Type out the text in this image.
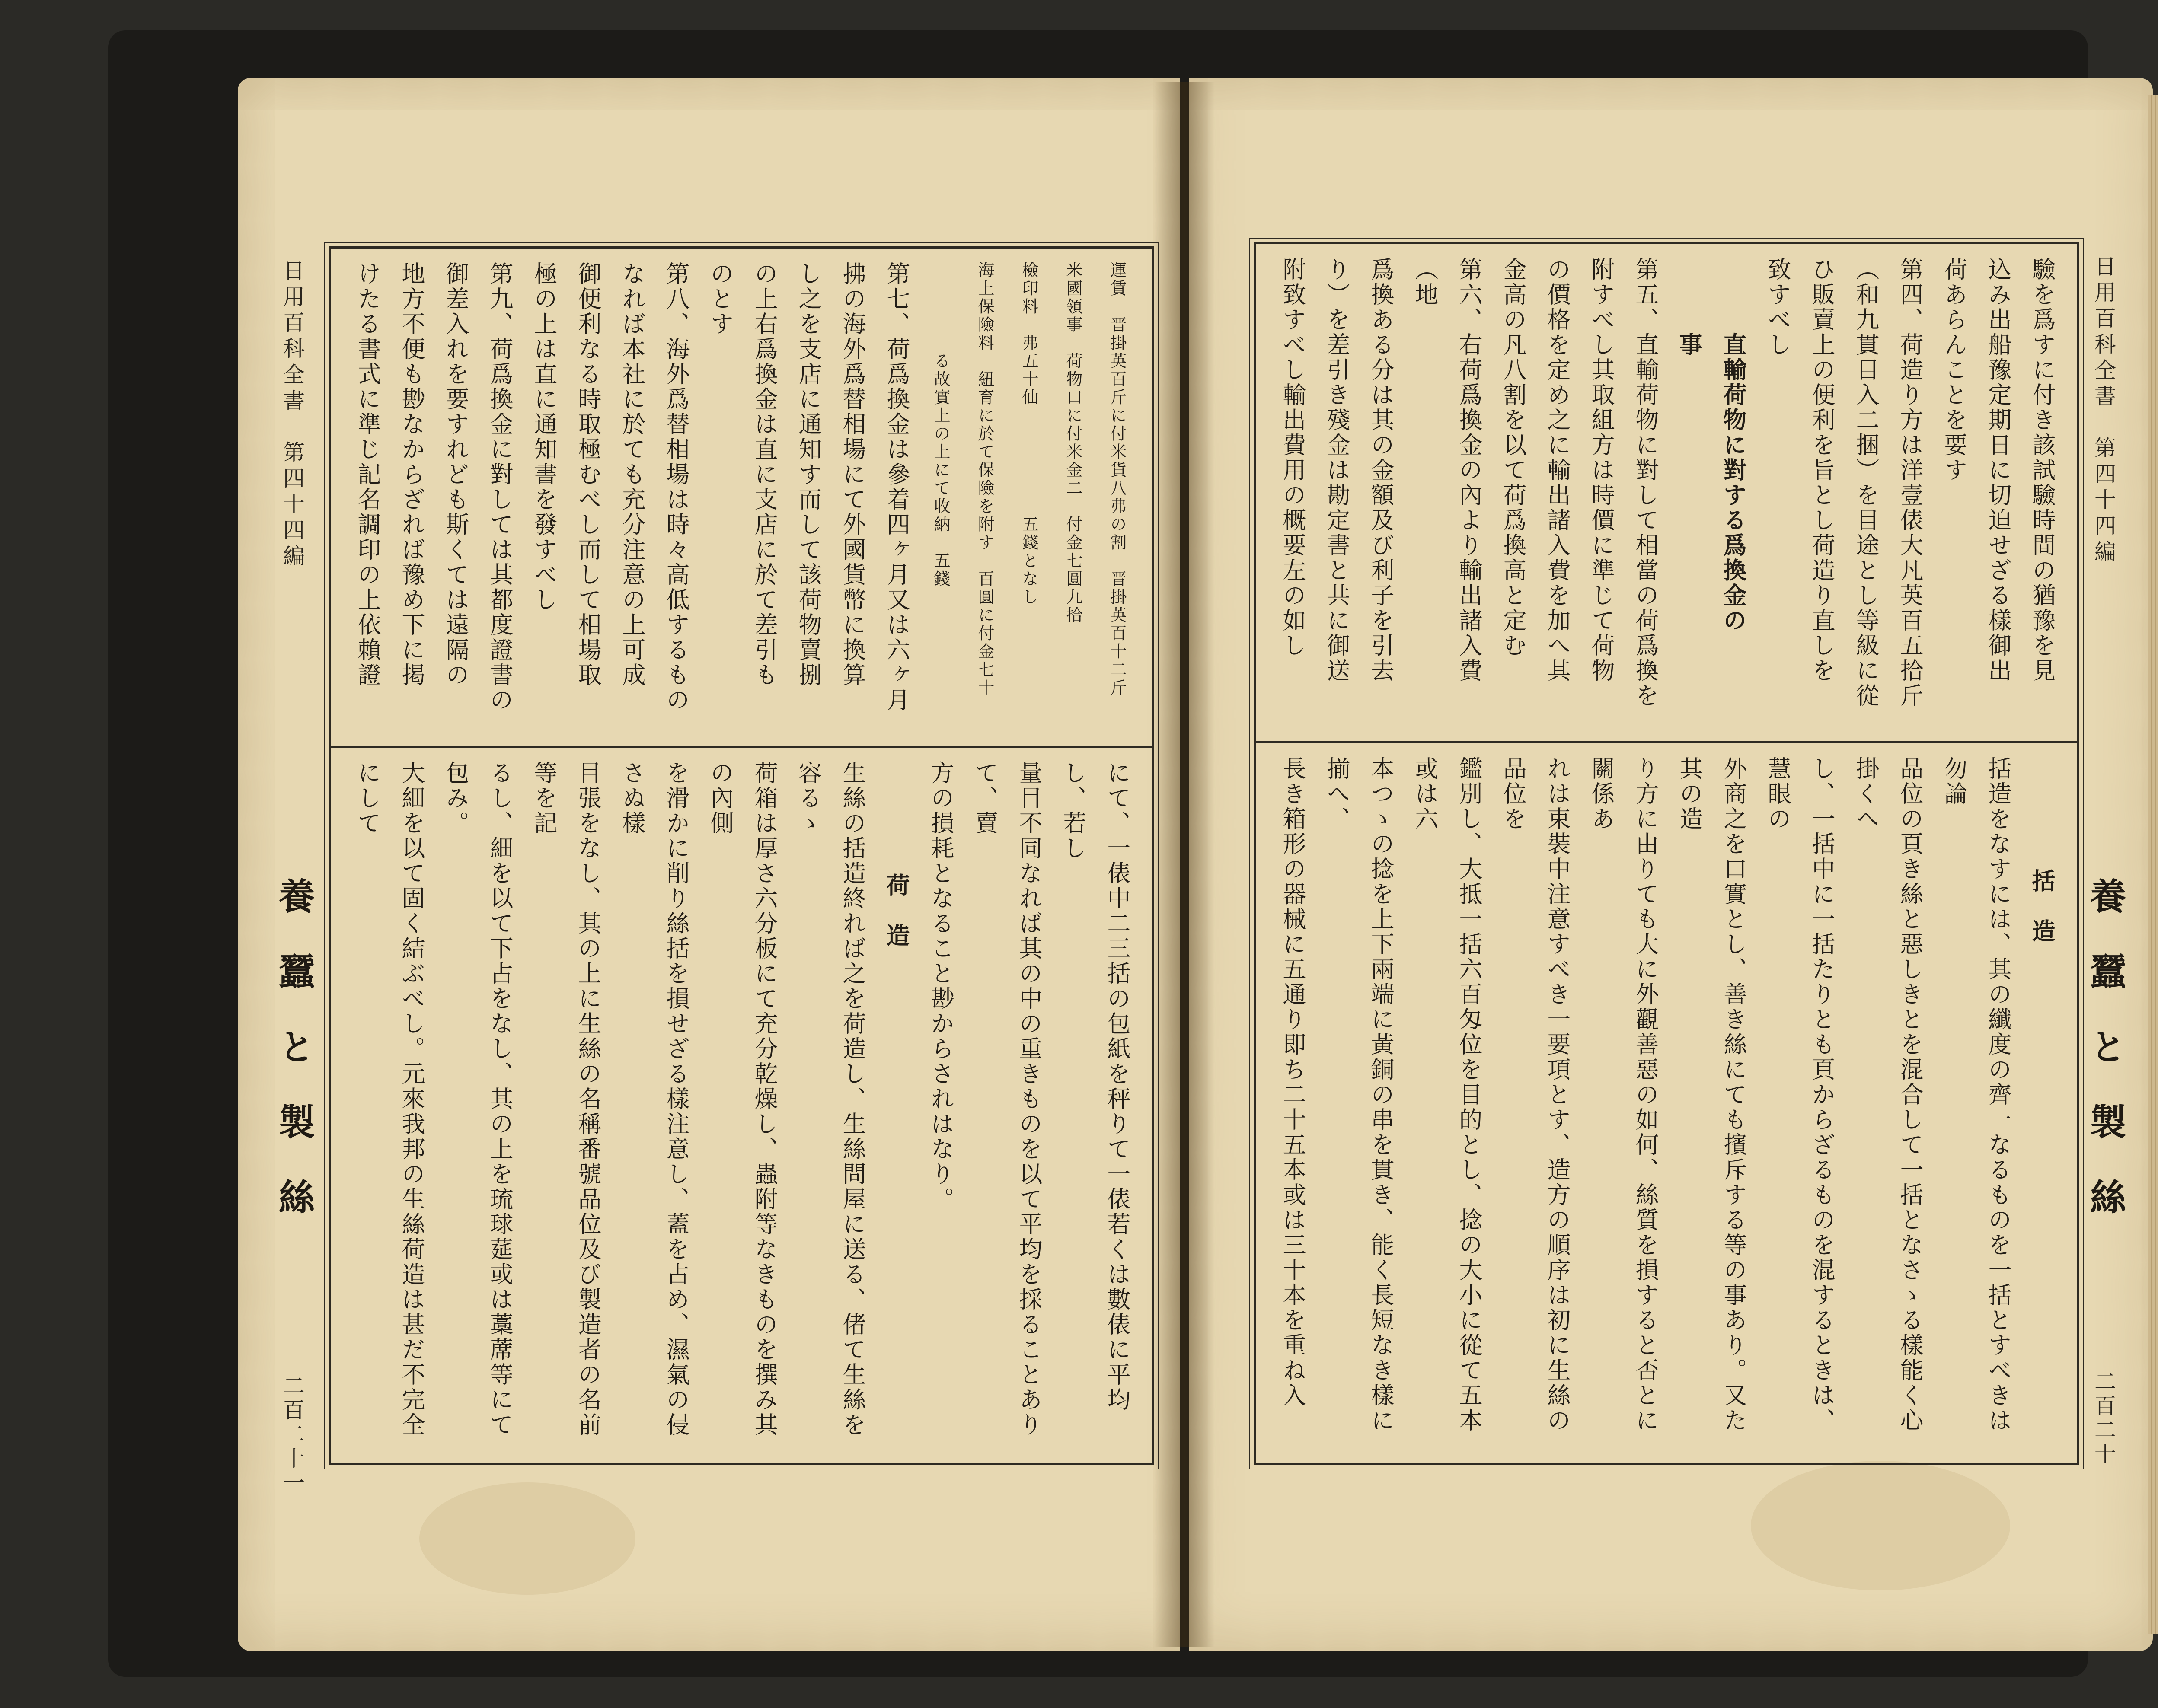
日用百科全書　第四十四編
養蠶と製絲
二百二十一
運賃　晋掛英百斤に付米貨八弗の割　晋掛英百十二斤
米國領事　荷物口に付米金二　付金七圓九拾
檢印料　弗五十仙　　　　　　五錢となし
海上保險料　紐育に於て保險を附す　百圓に付金七十
　　　　　る故實上の上にて收納　五錢
第七、荷爲換金は參着四ヶ月又は六ヶ月
拂の海外爲替相場にて外國貨幣に換算
し之を支店に通知す而して該荷物賣捌
の上右爲換金は直に支店に於て差引も
のとす
第八、海外爲替相場は時々高低するもの
なれば本社に於ても充分注意の上可成
御便利なる時取極むべし而して相場取
極の上は直に通知書を發すべし
第九、荷爲換金に對しては其都度證書の
御差入れを要すれども斯くては遠隔の
地方不便も尠なからざれば豫め下に掲
けたる書式に準じ記名調印の上依賴證
にて、一俵中二三括の包紙を秤りて一俵若くは數俵に平均し、若し
量目不同なれば其の中の重きものを以て平均を採ることありて、賣
方の損耗となること尠からされはなり。
荷　造
生絲の括造終れば之を荷造し、生絲問屋に送る、偖て生絲を容るゝ
荷箱は厚さ六分板にて充分乾燥し、蟲附等なきものを撰み其の內側
を滑かに削り絲括を損せざる樣注意し、蓋を占め、濕氣の侵さぬ樣
目張をなし、其の上に生絲の名稱番號品位及び製造者の名前等を記
るし、細を以て下占をなし、其の上を琉球莚或は藁蓆等にて包み。
大細を以て固く結ぶべし。元來我邦の生絲荷造は甚だ不完全にして
日用百科全書　第四十四編
養蠶と製絲
二百二十
驗を爲すに付き該試驗時間の猶豫を見
込み出船豫定期日に切迫せざる樣御出
荷あらんことを要す
第四、荷造り方は洋壹俵大凡英百五拾斤
（和九貫目入二捆）を目途とし等級に從
ひ販賣上の便利を旨とし荷造り直しを
致すべし
　　　直輸荷物に對する爲換金の
　　　事
第五、直輸荷物に對して相當の荷爲換を
附すべし其取組方は時價に準じて荷物
の價格を定め之に輸出諸入費を加へ其
金高の凡八割を以て荷爲換高と定む
第六、右荷爲換金の內より輸出諸入費（地
爲換ある分は其の金額及び利子を引去
り）を差引き殘金は勘定書と共に御送
附致すべし輸出費用の概要左の如し
括　造
括造をなすには、其の纖度の齊一なるものを一括とすべきは勿論
品位の頁き絲と惡しきとを混合して一括となさゝる樣能く心掛くへ
し、一括中に一括たりとも頁からざるものを混するときは、慧眼の
外商之を口實とし、善き絲にても擯斥する等の事あり。又た其の造
り方に由りても大に外觀善惡の如何、絲質を損すると否とに關係あ
れは束裝中注意すべき一要項とす、造方の順序は初に生絲の品位を
鑑別し、大抵一括六百匁位を目的とし、捻の大小に從て五本或は六
本つゝの捻を上下兩端に黃銅の串を貫き、能く長短なき樣に揃へ、
長き箱形の器械に五通り即ち二十五本或は三十本を重ね入
